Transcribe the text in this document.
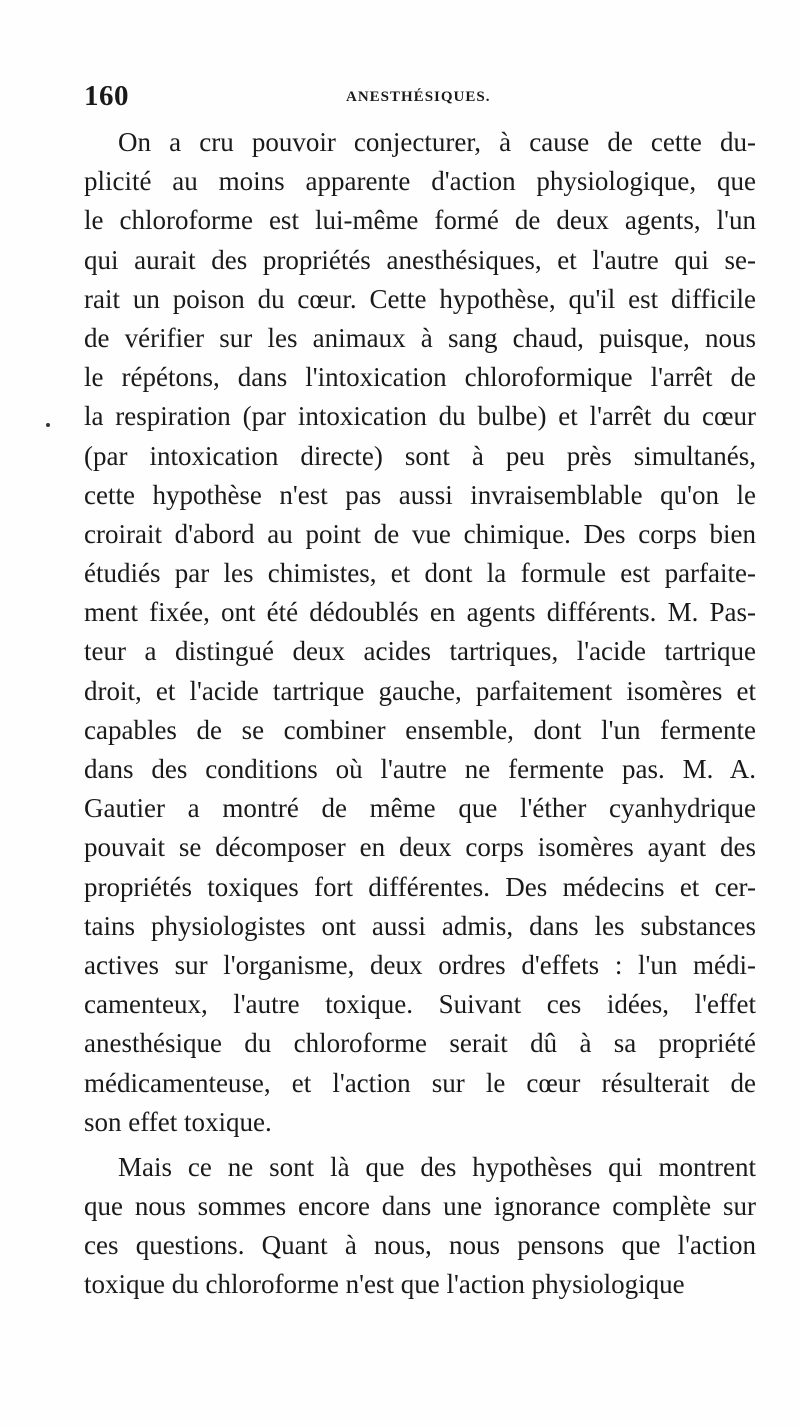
160	ANESTHÉSIQUES.
On a cru pouvoir conjecturer, à cause de cette du-
plicité au moins apparente d'action physiologique, que
le chloroforme est lui-même formé de deux agents, l'un
qui aurait des propriétés anesthésiques, et l'autre qui se-
rait un poison du cœur. Cette hypothèse, qu'il est difficile
de vérifier sur les animaux à sang chaud, puisque, nous
le répétons, dans l'intoxication chloroformique l'arrêt de
la respiration (par intoxication du bulbe) et l'arrêt du cœur
(par intoxication directe) sont à peu près simultanés,
cette hypothèse n'est pas aussi invraisemblable qu'on le
croirait d'abord au point de vue chimique. Des corps bien
étudiés par les chimistes, et dont la formule est parfaite-
ment fixée, ont été dédoublés en agents différents. M. Pas-
teur a distingué deux acides tartriques, l'acide tartrique
droit, et l'acide tartrique gauche, parfaitement isomères et
capables de se combiner ensemble, dont l'un fermente
dans des conditions où l'autre ne fermente pas. M. A.
Gautier a montré de même que l'éther cyanhydrique
pouvait se décomposer en deux corps isomères ayant des
propriétés toxiques fort différentes. Des médecins et cer-
tains physiologistes ont aussi admis, dans les substances
actives sur l'organisme, deux ordres d'effets : l'un médi-
camenteux, l'autre toxique. Suivant ces idées, l'effet
anesthésique du chloroforme serait dû à sa propriété
médicamenteuse, et l'action sur le cœur résulterait de
son effet toxique.
Mais ce ne sont là que des hypothèses qui montrent
que nous sommes encore dans une ignorance complète sur
ces questions. Quant à nous, nous pensons que l'action
toxique du chloroforme n'est que l'action physiologique
